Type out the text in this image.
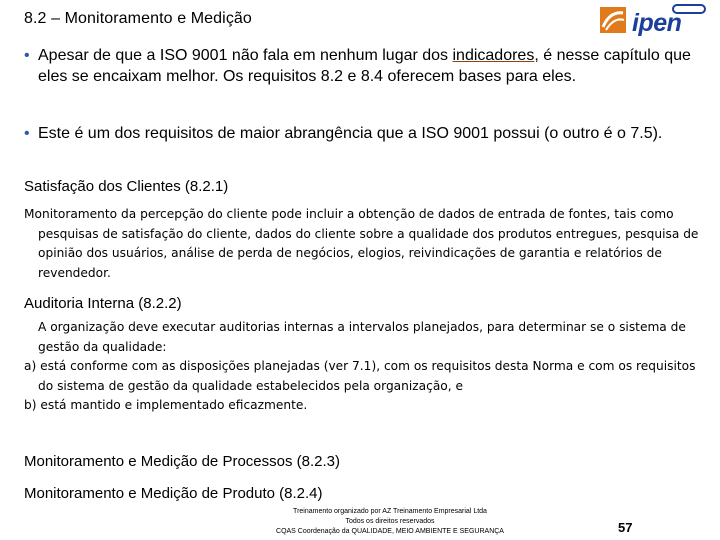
8.2 – Monitoramento e Medição	ipen
• Apesar de que a ISO 9001 não fala em nenhum lugar dos indicadores, é nesse capítulo que eles se encaixam melhor. Os requisitos 8.2 e 8.4 oferecem bases para eles.
• Este é um dos requisitos de maior abrangência que a ISO 9001 possui (o outro é o 7.5).
Satisfação dos Clientes (8.2.1)
Monitoramento da percepção do cliente pode incluir a obtenção de dados de entrada de fontes, tais como pesquisas de satisfação do cliente, dados do cliente sobre a qualidade dos produtos entregues, pesquisa de opinião dos usuários, análise de perda de negócios, elogios, reivindicações de garantia e relatórios de revendedor.
Auditoria Interna (8.2.2)
A organização deve executar auditorias internas a intervalos planejados, para determinar se o sistema de gestão da qualidade:
a) está conforme com as disposições planejadas (ver 7.1), com os requisitos desta Norma e com os requisitos do sistema de gestão da qualidade estabelecidos pela organização, e
b) está mantido e implementado eficazmente.
Monitoramento e Medição de Processos (8.2.3)
Monitoramento e Medição de Produto (8.2.4)
Treinamento organizado por AZ Treinamento Empresarial Ltda
Todos os direitos reservados
CQAS Coordenação da QUALIDADE, MEIO AMBIENTE E SEGURANÇA	57
